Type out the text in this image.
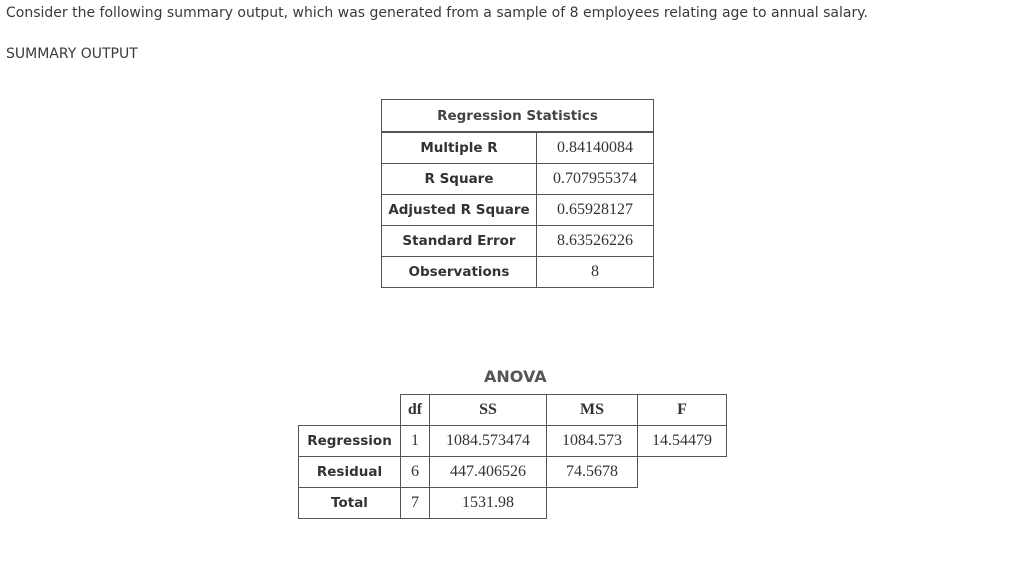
Consider the following summary output, which was generated from a sample of 8 employees relating age to annual salary.
SUMMARY OUTPUT
Regression Statistics	
Multiple R	0.84140084
R Square	0.707955374
Adjusted R Square	0.65928127
Standard Error	8.63526226
Observations	8
ANOVA
	df	SS	MS	F
Regression	1	1084.573474	1084.573	14.54479
Residual	6	447.406526	74.5678	
Total	7	1531.98		
